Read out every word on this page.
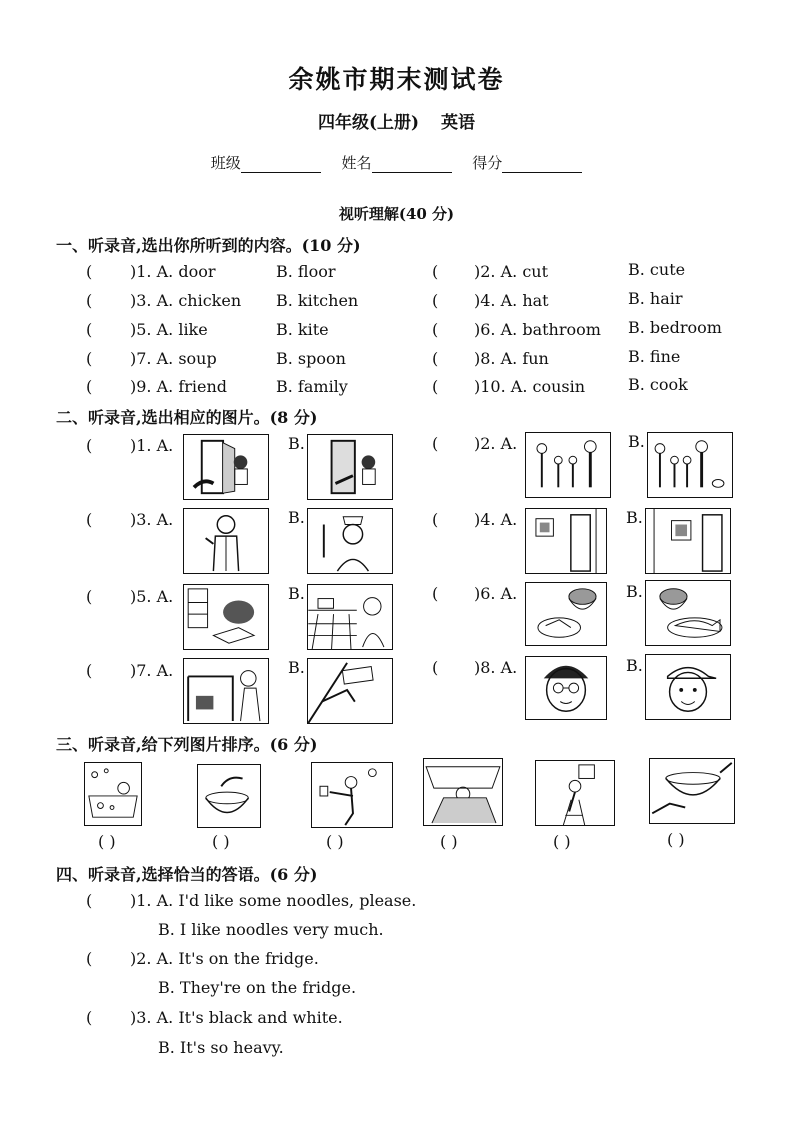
余姚市期末测试卷
四年级(上册) 英语
班级	姓名	得分
视听理解(40 分)
一、听录音,选出你所听到的内容。(10 分)
( )1. A. door	B. floor	( )2. A. cut	B. cute
( )3. A. chicken B. kitchen	( )4. A. hat	B. hair
( )5. A. like	B. kite	( )6. A. bathroom B. bedroom
( )7. A. soup	B. spoon	( )8. A. fun	B. fine
( )9. A. friend	B. family	( )10. A. cousin	B. cook
二、听录音,选出相应的图片。(8 分)
( )1. A.	B.	( )2. A.	B.
( )3. A.	B.	( )4. A.	B.
( )5. A.	B.	( )6. A.	B.
( )7. A.	B.	( )8. A.	B.
三、听录音,给下列图片排序。(6 分)
( )	( )	( )	( )	( )	( )
四、听录音,选择恰当的答语。(6 分)
( )1. A. I'd like some noodles, please.
B. I like noodles very much.
( )2. A. It's on the fridge.
B. They're on the fridge.
( )3. A. It's black and white.
B. It's so heavy.
